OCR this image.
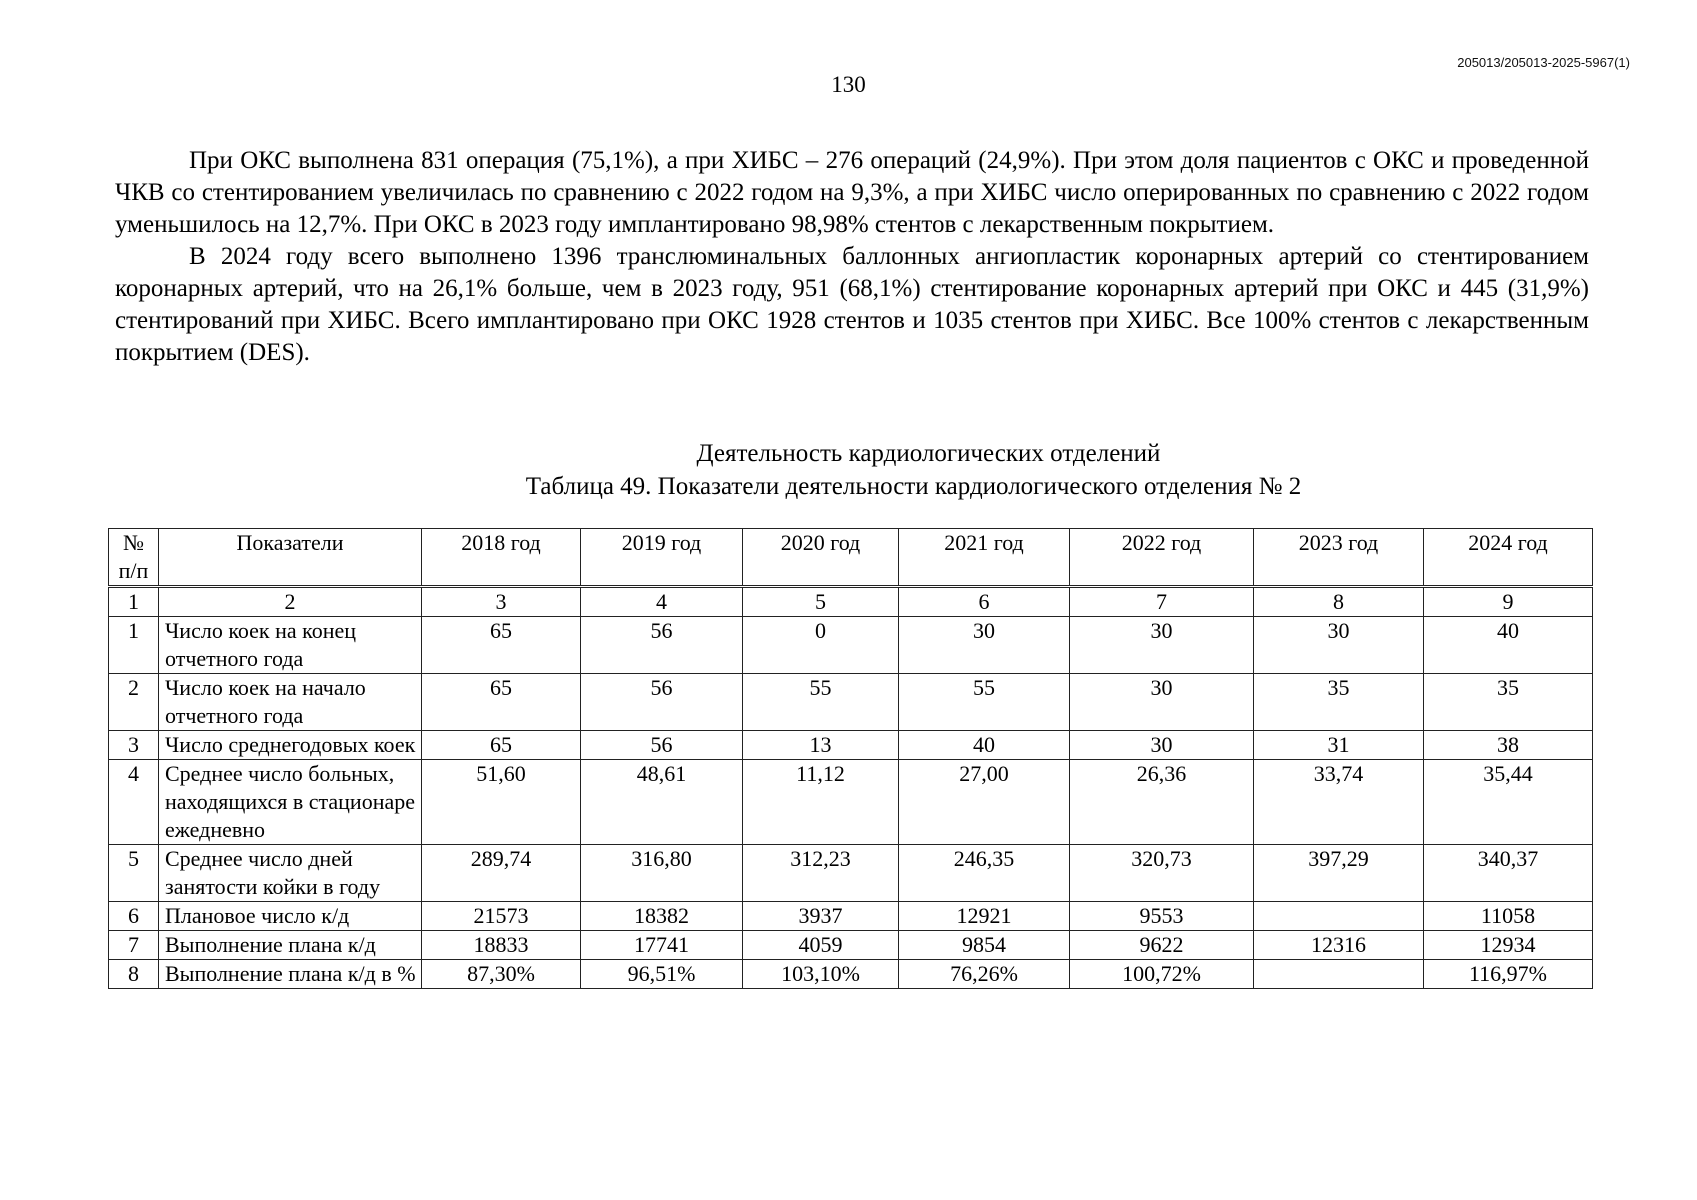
205013/205013-2025-5967(1)
130

При ОКС выполнена 831 операция (75,1%), а при ХИБС – 276 операций (24,9%). При этом доля пациентов с ОКС и проведенной ЧКВ со стентированием увеличилась по сравнению с 2022 годом на 9,3%, а при ХИБС число оперированных по сравнению с 2022 годом уменьшилось на 12,7%. При ОКС в 2023 году имплантировано 98,98% стентов с лекарственным покрытием.

В 2024 году всего выполнено 1396 транслюминальных баллонных ангиопластик коронарных артерий со стентированием коронарных артерий, что на 26,1% больше, чем в 2023 году, 951 (68,1%) стентирование коронарных артерий при ОКС и 445 (31,9%) стентирований при ХИБС. Всего имплантировано при ОКС 1928 стентов и 1035 стентов при ХИБС. Все 100% стентов с лекарственным покрытием (DES).

Деятельность кардиологических отделений
Таблица 49. Показатели деятельности кардиологического отделения № 2
№ п/п	Показатели	2018 год	2019 год	2020 год	2021 год	2022 год	2023 год	2024 год
1	2	3	4	5	6	7	8	9
1	Число коек на конец отчетного года	65	56	0	30	30	30	40
2	Число коек на начало отчетного года	65	56	55	55	30	35	35
3	Число среднегодовых коек	65	56	13	40	30	31	38
4	Среднее число больных, находящихся в стационаре ежедневно	51,60	48,61	11,12	27,00	26,36	33,74	35,44
5	Среднее число дней занятости койки в году	289,74	316,80	312,23	246,35	320,73	397,29	340,37
6	Плановое число к/д	21573	18382	3937	12921	9553		11058
7	Выполнение плана к/д	18833	17741	4059	9854	9622	12316	12934
8	Выполнение плана к/д в %	87,30%	96,51%	103,10%	76,26%	100,72%		116,97%
